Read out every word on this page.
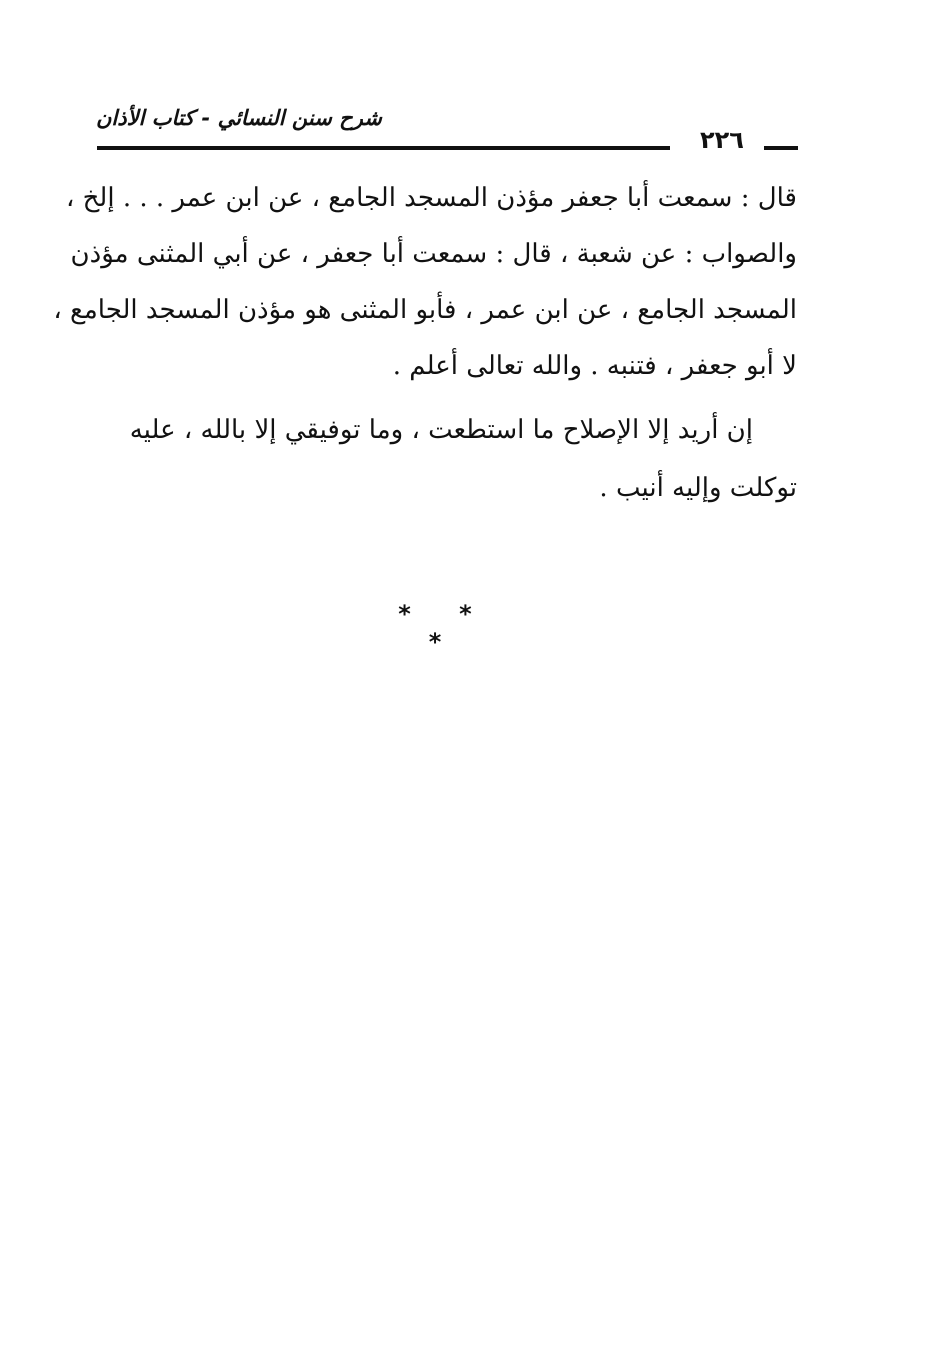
شرح سنن النسائي - كتاب الأذان
٢٢٦
قال : سمعت أبا جعفر مؤذن المسجد الجامع ، عن ابن عمر . . . إلخ ،
والصواب : عن شعبة ، قال : سمعت أبا جعفر ، عن أبي المثنى مؤذن
المسجد الجامع ، عن ابن عمر ، فأبو المثنى هو مؤذن المسجد الجامع ،
لا أبو جعفر ، فتنبه . والله تعالى أعلم .
إن أريد إلا الإصلاح ما استطعت ، وما توفيقي إلا بالله ، عليه
توكلت وإليه أنيب .
* * *
